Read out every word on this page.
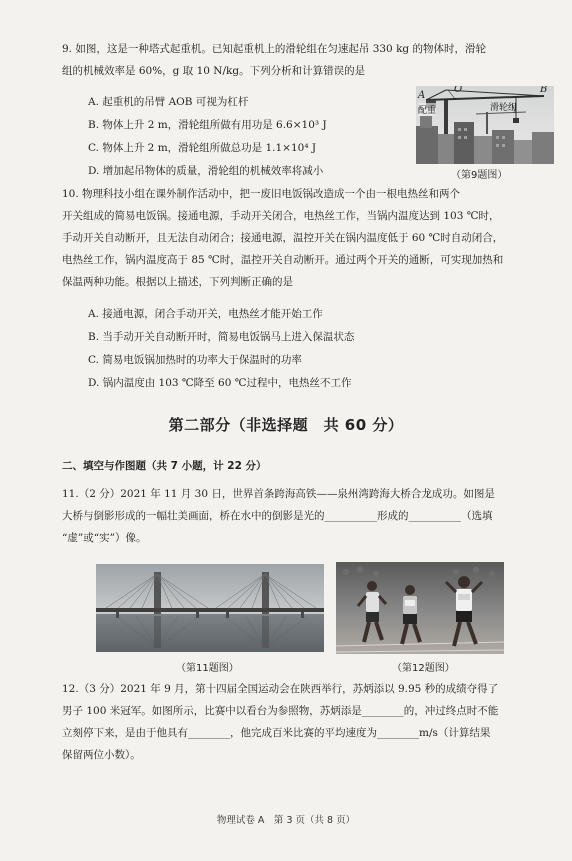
9. 如图，这是一种塔式起重机。已知起重机上的滑轮组在匀速起吊 330 kg 的物体时，滑轮
组的机械效率是 60%，g 取 10 N/kg。下列分析和计算错误的是

A. 起重机的吊臂 AOB 可视为杠杆
B. 物体上升 2 m，滑轮组所做有用功是 6.6×10³ J
C. 物体上升 2 m，滑轮组所做总功是 1.1×10⁴ J
D. 增加起吊物体的质量，滑轮组的机械效率将减小
A
O	B
配重	滑轮组
（第9题图）

10. 物理科技小组在课外制作活动中，把一废旧电饭锅改造成一个由一根电热丝和两个
开关组成的简易电饭锅。接通电源，手动开关闭合，电热丝工作，当锅内温度达到 103 ℃时，
手动开关自动断开，且无法自动闭合；接通电源，温控开关在锅内温度低于 60 ℃时自动闭合，
电热丝工作，锅内温度高于 85 ℃时，温控开关自动断开。通过两个开关的通断，可实现加热和
保温两种功能。根据以上描述，下列判断正确的是

A. 接通电源，闭合手动开关，电热丝才能开始工作
B. 当手动开关自动断开时，简易电饭锅马上进入保温状态
C. 简易电饭锅加热时的功率大于保温时的功率
D. 锅内温度由 103 ℃降至 60 ℃过程中，电热丝不工作
第二部分（非选择题　共 60 分）
二、填空与作图题（共 7 小题，计 22 分）

11.（2 分）2021 年 11 月 30 日，世界首条跨海高铁——泉州湾跨海大桥合龙成功。如图是
大桥与倒影形成的一幅壮美画面，桥在水中的倒影是光的__________形成的__________（选填
“虚”或“实”）像。

（第11题图）	（第12题图）

12.（3 分）2021 年 9 月，第十四届全国运动会在陕西举行，苏炳添以 9.95 秒的成绩夺得了
男子 100 米冠军。如图所示，比赛中以看台为参照物，苏炳添是________的，冲过终点时不能
立刻停下来，是由于他具有________，他完成百米比赛的平均速度为________m/s（计算结果
保留两位小数）。

物理试卷 A　第 3 页（共 8 页）
